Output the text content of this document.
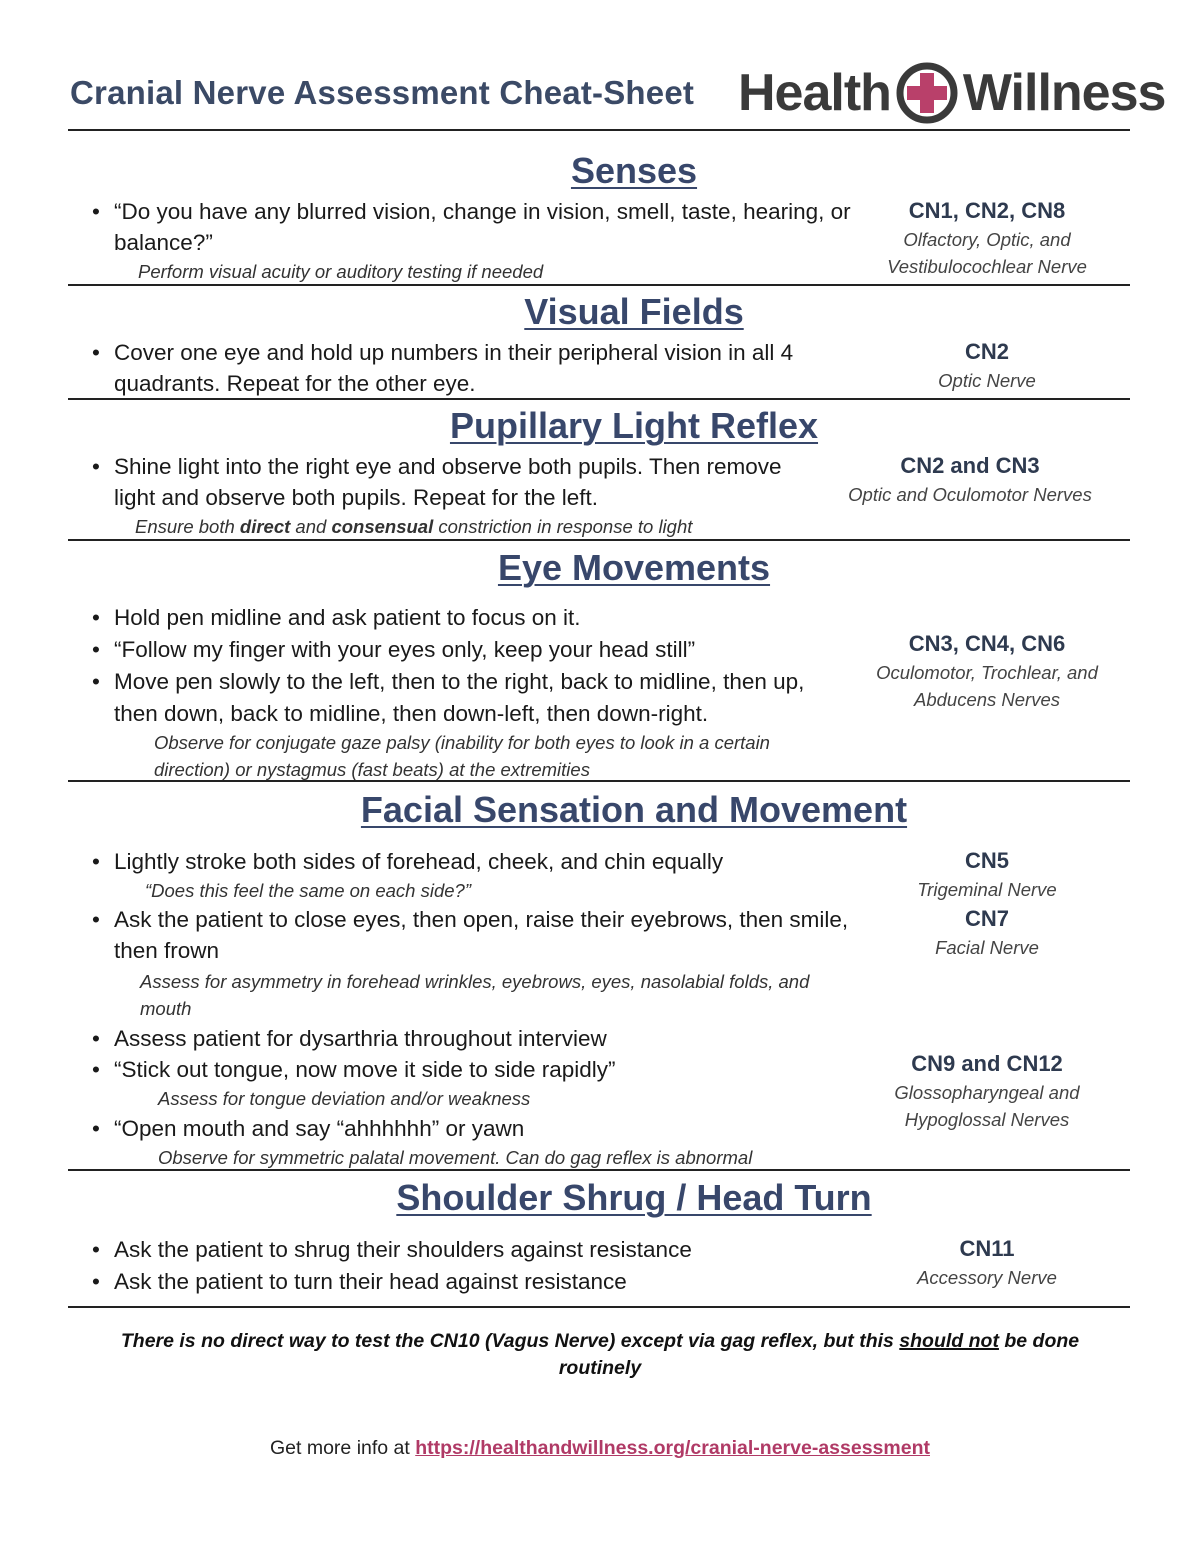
Cranial Nerve Assessment Cheat-Sheet Health Willness
Senses
• “Do you have any blurred vision, change in vision, smell, taste, hearing, or balance?”
Perform visual acuity or auditory testing if needed
CN1, CN2, CN8
Olfactory, Optic, and Vestibulocochlear Nerve
Visual Fields
• Cover one eye and hold up numbers in their peripheral vision in all 4 quadrants. Repeat for the other eye.
CN2
Optic Nerve
Pupillary Light Reflex
• Shine light into the right eye and observe both pupils. Then remove light and observe both pupils. Repeat for the left.
Ensure both direct and consensual constriction in response to light
CN2 and CN3
Optic and Oculomotor Nerves
Eye Movements
• Hold pen midline and ask patient to focus on it.
• “Follow my finger with your eyes only, keep your head still”
• Move pen slowly to the left, then to the right, back to midline, then up, then down, back to midline, then down-left, then down-right.
Observe for conjugate gaze palsy (inability for both eyes to look in a certain direction) or nystagmus (fast beats) at the extremities
CN3, CN4, CN6
Oculomotor, Trochlear, and Abducens Nerves
Facial Sensation and Movement
• Lightly stroke both sides of forehead, cheek, and chin equally
“Does this feel the same on each side?”
• Ask the patient to close eyes, then open, raise their eyebrows, then smile, then frown
Assess for asymmetry in forehead wrinkles, eyebrows, eyes, nasolabial folds, and mouth
• Assess patient for dysarthria throughout interview
• “Stick out tongue, now move it side to side rapidly”
Assess for tongue deviation and/or weakness
• “Open mouth and say “ahhhhhh” or yawn
Observe for symmetric palatal movement. Can do gag reflex is abnormal
CN5
Trigeminal Nerve
CN7
Facial Nerve
CN9 and CN12
Glossopharyngeal and Hypoglossal Nerves
Shoulder Shrug / Head Turn
• Ask the patient to shrug their shoulders against resistance
• Ask the patient to turn their head against resistance
CN11
Accessory Nerve
There is no direct way to test the CN10 (Vagus Nerve) except via gag reflex, but this should not be done routinely
Get more info at https://healthandwillness.org/cranial-nerve-assessment
